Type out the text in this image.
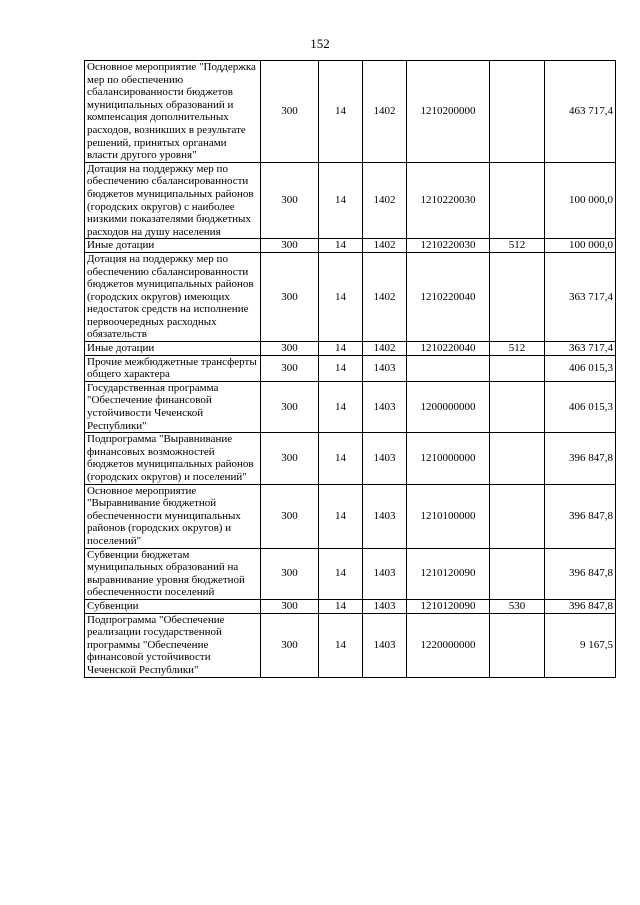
152
Основное мероприятие "Поддержка мер по обеспечению сбалансированности бюджетов муниципальных образований и компенсация дополнительных расходов, возникших в результате решений, принятых органами власти другого уровня"	300	14	1402	1210200000		463 717,4
Дотация на поддержку мер по обеспечению сбалансированности бюджетов муниципальных районов (городских округов) с наиболее низкими показателями бюджетных расходов на душу населения	300	14	1402	1210220030		100 000,0
Иные дотации	300	14	1402	1210220030	512	100 000,0
Дотация на поддержку мер по обеспечению сбалансированности бюджетов муниципальных районов (городских округов) имеющих недостаток средств на исполнение первоочередных расходных обязательств	300	14	1402	1210220040		363 717,4
Иные дотации	300	14	1402	1210220040	512	363 717,4
Прочие межбюджетные трансферты общего характера	300	14	1403			406 015,3
Государственная программа "Обеспечение финансовой устойчивости Чеченской Республики"	300	14	1403	1200000000		406 015,3
Подпрограмма "Выравнивание финансовых возможностей бюджетов муниципальных районов (городских округов) и поселений"	300	14	1403	1210000000		396 847,8
Основное мероприятие "Выравнивание бюджетной обеспеченности муниципальных районов (городских округов) и поселений"	300	14	1403	1210100000		396 847,8
Субвенции бюджетам муниципальных образований на выравнивание уровня бюджетной обеспеченности поселений	300	14	1403	1210120090		396 847,8
Субвенции	300	14	1403	1210120090	530	396 847,8
Подпрограмма "Обеспечение реализации государственной программы "Обеспечение финансовой устойчивости Чеченской Республики"	300	14	1403	1220000000		9 167,5
